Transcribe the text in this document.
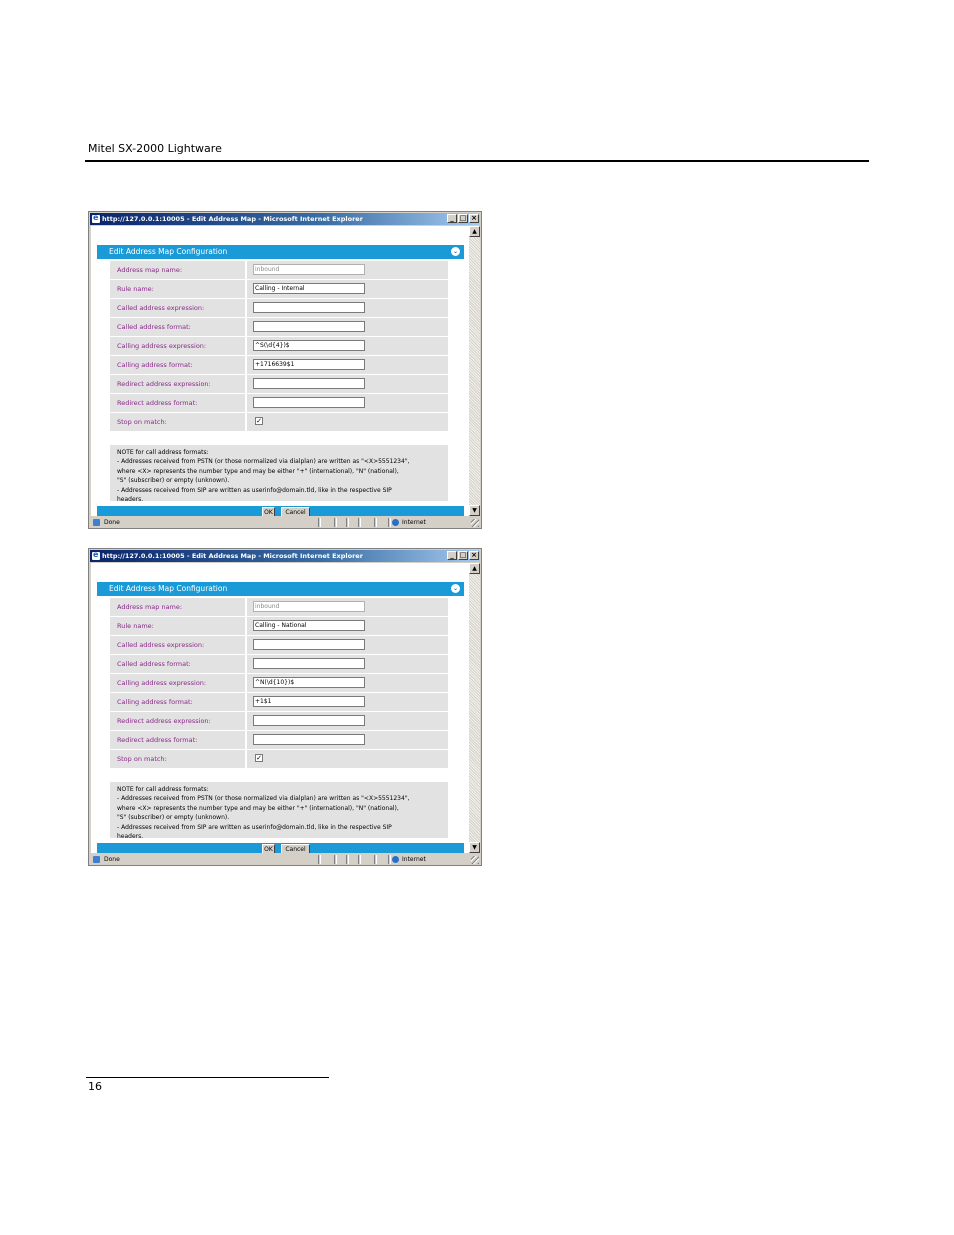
Mitel SX-2000 Lightware
ehttp://127.0.0.1:10005 - Edit Address Map - Microsoft Internet Explorer	_ □ ×
Edit Address Map Configuration	⌄
Address map name:	inbound
Rule name:	Calling - Internal
Called address expression:
Called address format:
Calling address expression:	^S(\d{4})$
Calling address format:	+1716639$1
Redirect address expression:
Redirect address format:
Stop on match:	✓
NOTE for call address formats:
- Addresses received from PSTN (or those normalized via dialplan) are written as "<X>5551234",
where <X> represents the number type and may be either "+" (international), "N" (national),
"S" (subscriber) or empty (unknown).
- Addresses received from SIP are written as userinfo@domain.tld, like in the respective SIP
headers.
OK	Cancel
▲
▼
Done	Internet
ehttp://127.0.0.1:10005 - Edit Address Map - Microsoft Internet Explorer	_ □ ×
Edit Address Map Configuration	⌄
Address map name:	inbound
Rule name:	Calling - National
Called address expression:
Called address format:
Calling address expression:	^N(\d{10})$
Calling address format:	+1$1
Redirect address expression:
Redirect address format:
Stop on match:	✓
NOTE for call address formats:
- Addresses received from PSTN (or those normalized via dialplan) are written as "<X>5551234",
where <X> represents the number type and may be either "+" (international), "N" (national),
"S" (subscriber) or empty (unknown).
- Addresses received from SIP are written as userinfo@domain.tld, like in the respective SIP
headers.
OK	Cancel
▲
▼
Done	Internet
16
